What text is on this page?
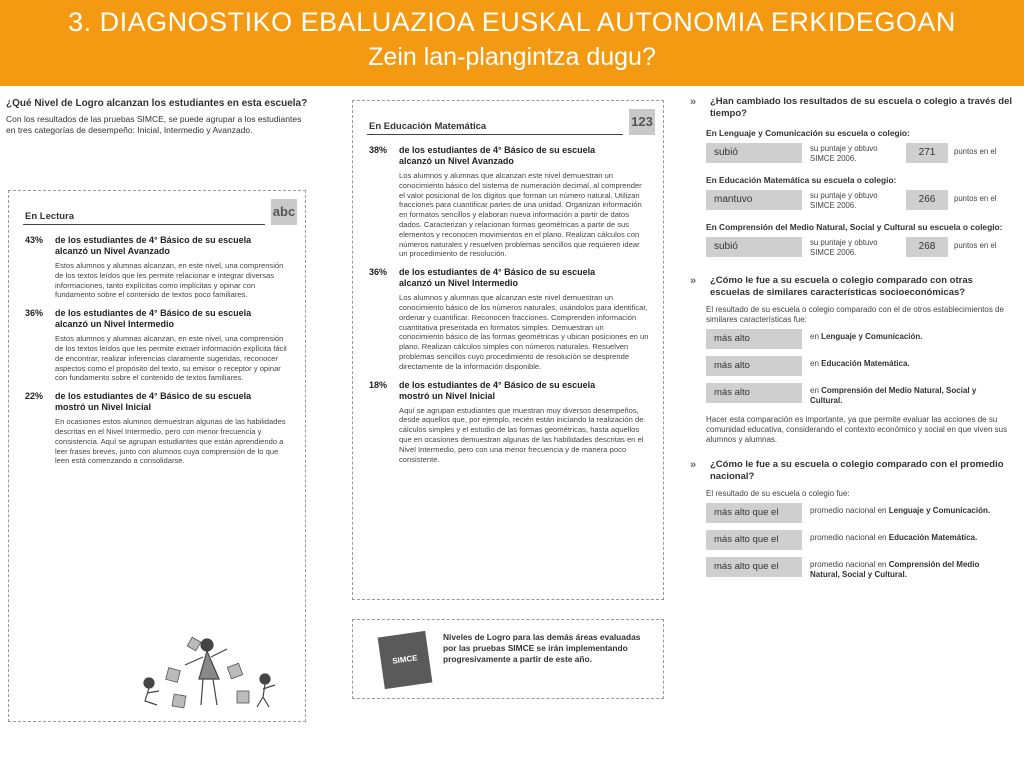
3. DIAGNOSTIKO EBALUAZIOA EUSKAL AUTONOMIA ERKIDEGOAN
Zein lan-plangintza dugu?
¿Qué Nivel de Logro alcanzan los estudiantes en esta escuela?
Con los resultados de las pruebas SIMCE, se puede agrupar a los estudiantes en tres categorías de desempeño: Inicial, Intermedio y Avanzado.
En Lectura	abc
43% de los estudiantes de 4° Básico de su escuela alcanzó un Nivel Avanzado
Estos alumnos y alumnas alcanzan, en este nivel, una comprensión de los textos leídos que les permite relacionar e integrar diversas informaciones, tanto explícitas como implícitas y opinar con fundamento sobre el contenido de textos poco familiares.
36% de los estudiantes de 4° Básico de su escuela alcanzó un Nivel Intermedio
Estos alumnos y alumnas alcanzan, en este nivel, una comprensión de los textos leídos que les permite extraer información explícita fácil de encontrar, realizar inferencias claramente sugeridas, reconocer aspectos como el propósito del texto, su emisor o receptor y opinar con fundamento sobre el contenido de textos familiares.
22% de los estudiantes de 4° Básico de su escuela mostró un Nivel Inicial
En ocasiones estos alumnos demuestran algunas de las habilidades descritas en el Nivel Intermedio, pero con menor frecuencia y consistencia. Aquí se agrupan estudiantes que están aprendiendo a leer frases breves, junto con alumnos cuya comprensión de lo que leen está comenzando a consolidarse.
En Educación Matemática	123
38% de los estudiantes de 4° Básico de su escuela alcanzó un Nivel Avanzado
Los alumnos y alumnas que alcanzan este nivel demuestran un conocimiento básico del sistema de numeración decimal, al comprender el valor posicional de los dígitos que forman un número natural. Utilizan fracciones para cuantificar partes de una unidad. Organizan información en formatos sencillos y elaboran nueva información a partir de datos dados. Caracterizan y relacionan formas geométricas a partir de sus elementos y reconocen movimientos en el plano. Realizan cálculos con números naturales y resuelven problemas sencillos que requieren idear un procedimiento de resolución.
36% de los estudiantes de 4° Básico de su escuela alcanzó un Nivel Intermedio
Los alumnos y alumnas que alcanzan este nivel demuestran un conocimiento básico de los números naturales, usándolos para identificar, ordenar y cuantificar. Reconocen fracciones. Comprenden información cuantitativa presentada en formatos simples. Demuestran un conocimiento básico de las formas geométricas y ubican posiciones en un plano. Realizan cálculos simples con números naturales. Resuelven problemas sencillos cuyo procedimiento de resolución se desprende directamente de la información disponible.
18% de los estudiantes de 4° Básico de su escuela mostró un Nivel Inicial
Aquí se agrupan estudiantes que muestran muy diversos desempeños, desde aquellos que, por ejemplo, recién están iniciando la realización de cálculos simples y el estudio de las formas geométricas, hasta aquellos que en ocasiones demuestran algunas de las habilidades descritas en el Nivel Intermedio, pero con una menor frecuencia y de manera poco consistente.
SIMCE
Niveles de Logro para las demás áreas evaluadas por las pruebas SIMCE se irán implementando progresivamente a partir de este año.
» ¿Han cambiado los resultados de su escuela o colegio a través del tiempo?
En Lenguaje y Comunicación su escuela o colegio:
subió	su puntaje y obtuvo
SIMCE 2006.
271	puntos en el
En Educación Matemática su escuela o colegio:
mantuvo	su puntaje y obtuvo
SIMCE 2006.
266	puntos en el
En Comprensión del Medio Natural, Social y Cultural su escuela o colegio:
subió	su puntaje y obtuvo
SIMCE 2006.
268	puntos en el
» ¿Cómo le fue a su escuela o colegio comparado con otras escuelas de similares características socioeconómicas?
El resultado de su escuela o colegio comparado con el de otros establecimientos de similares características fue:
más alto	en Lenguaje y Comunicación.
más alto	en Educación Matemática.
más alto	en Comprensión del Medio Natural, Social y Cultural.
Hacer esta comparación es importante, ya que permite evaluar las acciones de su comunidad educativa, considerando el contexto económico y social en que viven sus alumnos y alumnas.
» ¿Cómo le fue a su escuela o colegio comparado con el promedio nacional?
El resultado de su escuela o colegio fue:
más alto que el	promedio nacional en Lenguaje y Comunicación.
más alto que el	promedio nacional en Educación Matemática.
más alto que el	promedio nacional en Comprensión del Medio Natural, Social y Cultural.
